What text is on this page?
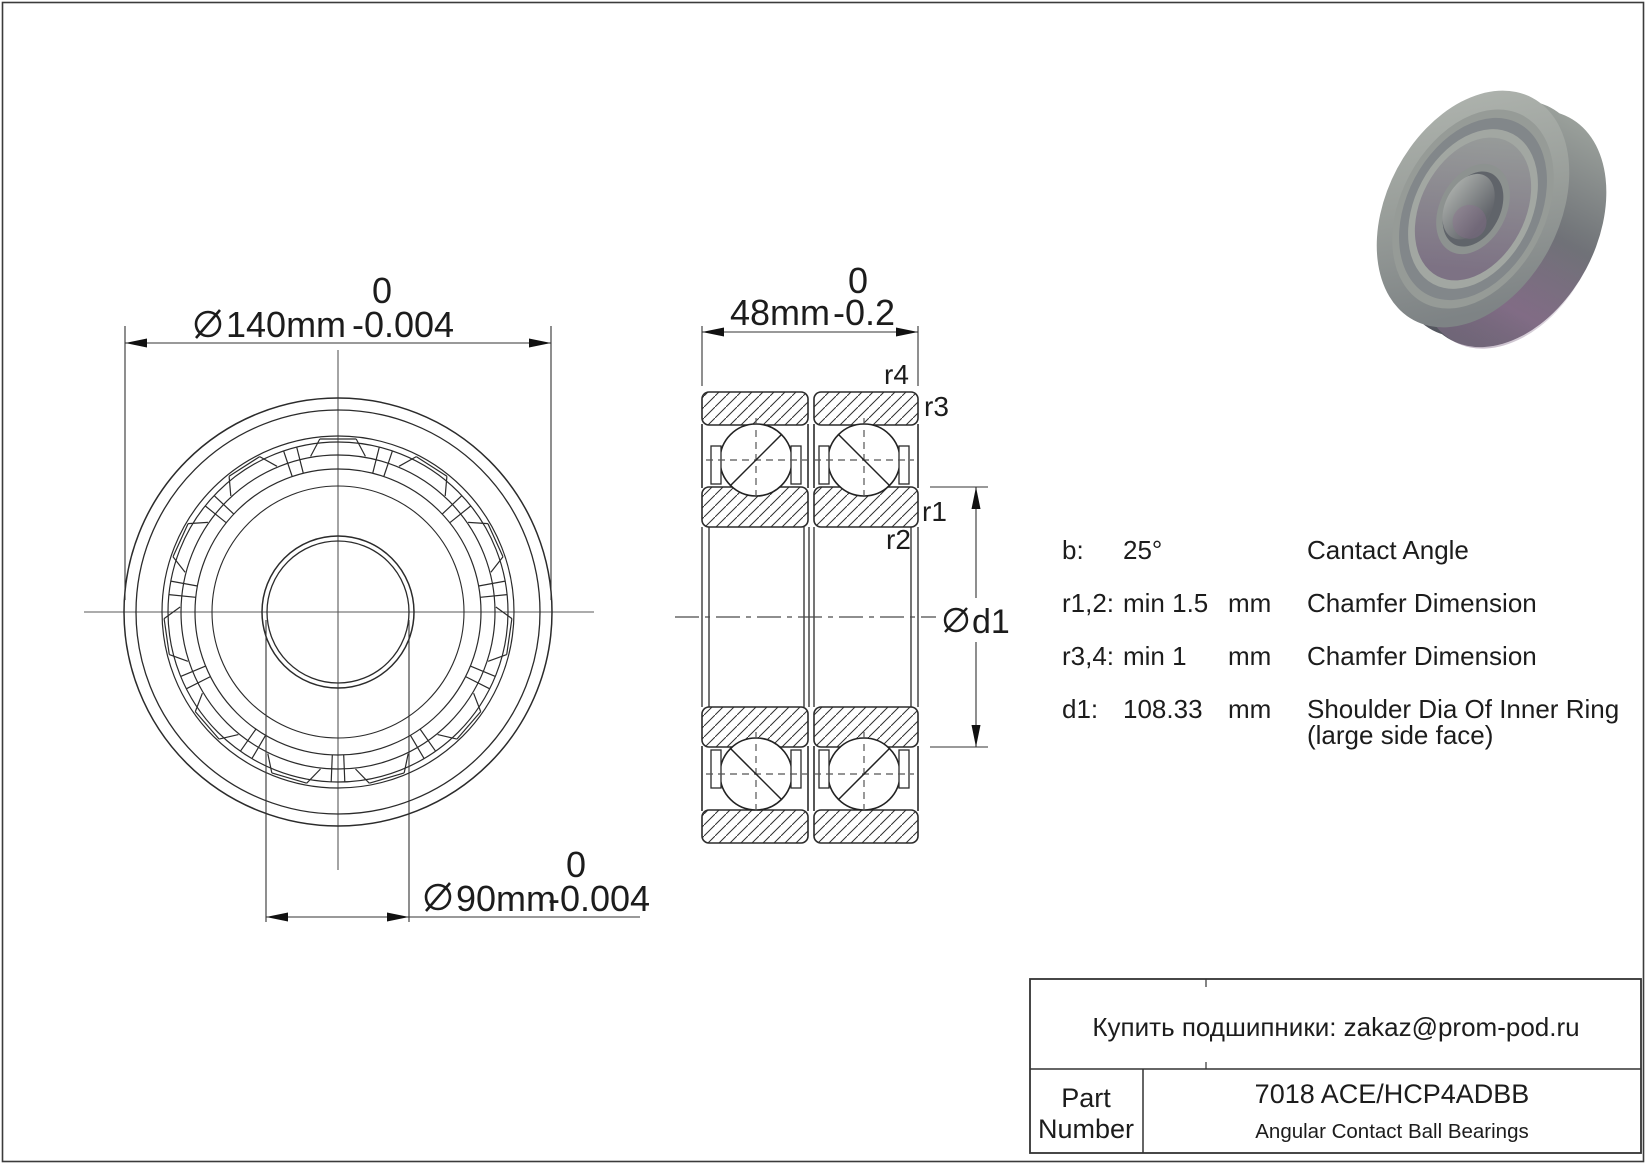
140mm
0
-0.004
90mm
0
-0.004
48mm
0
-0.2
r4
r3
r1
r2
d1
b: 25°	Cantact Angle
r1,2: min 1.5 mm Chamfer Dimension
r3,4: min 1 mm Chamfer Dimension
d1: 108.33 mm Shoulder Dia Of Inner Ring
(large side face)
Купить подшипники: zakaz@prom-pod.ru
Part
Number
7018 ACE/HCP4ADBB
Angular Contact Ball Bearings
